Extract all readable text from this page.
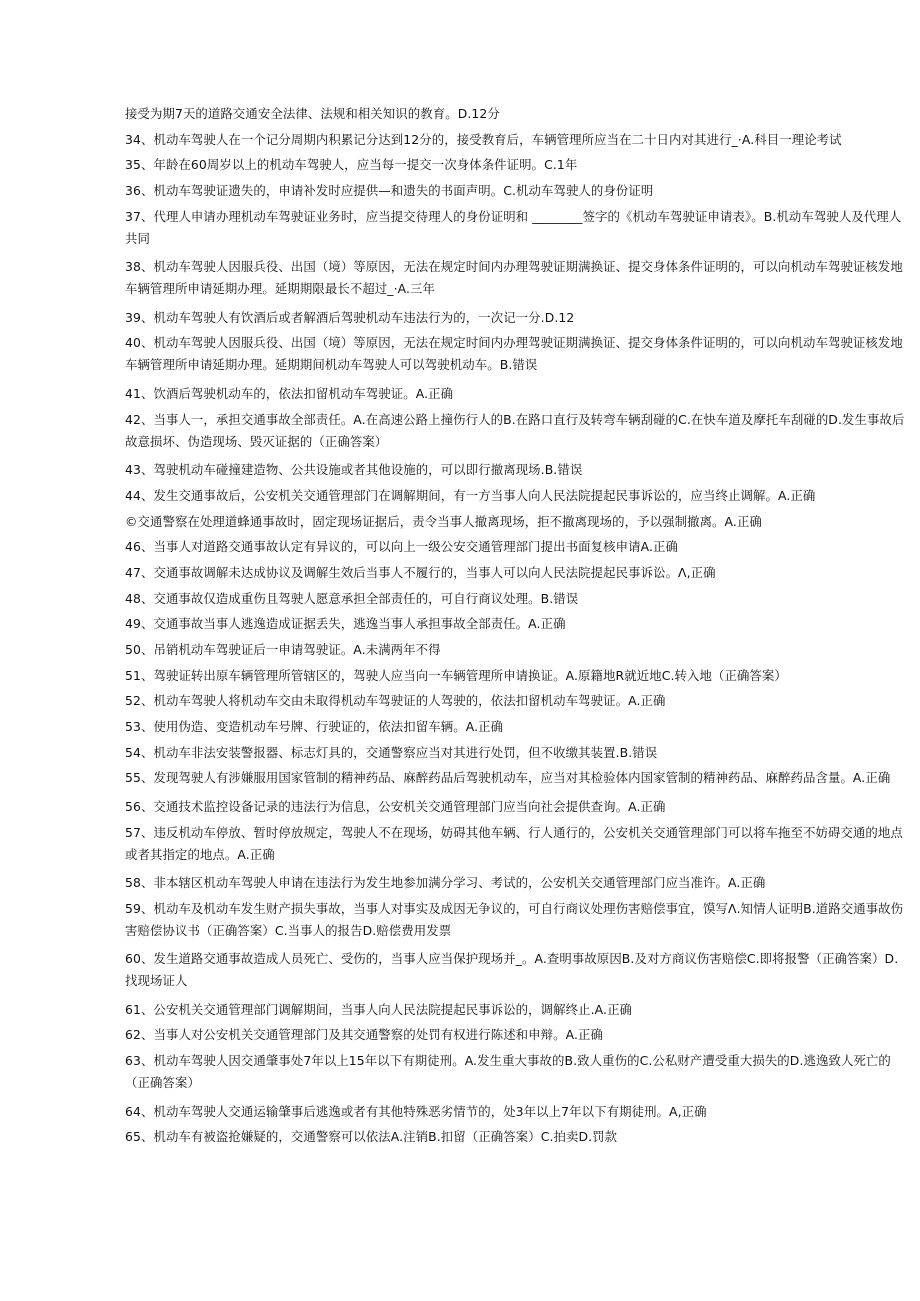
接受为期7天的道路交通安全法律、法规和相关知识的教育。D.12分
34、机动车驾驶人在一个记分周期内积累记分达到12分的，接受教育后，车辆管理所应当在二十日内对其进行_·A.科目一理论考试
35、年龄在60周岁以上的机动车驾驶人，应当每一提交一次身体条件证明。C.1年
36、机动车驾驶证遗失的，申请补发时应提供—和遗失的书面声明。C.机动车驾驶人的身份证明
37、代理人申请办理机动车驾驶证业务时，应当提交待理人的身份证明和 ________签字的《机动车驾驶证申请表》。B.机动车驾驶人及代理人共同
38、机动车驾驶人因服兵役、出国（境）等原因，无法在规定时间内办理驾驶证期满换证、提交身体条件证明的，可以向机动车驾驶证核发地车辆管理所申请延期办理。延期期限最长不超过_·A.三年
39、机动车驾驶人有饮酒后或者解酒后驾驶机动车违法行为的，一次记一分.D.12
40、机动车驾驶人因服兵役、出国（境）等原因，无法在规定时间内办理驾驶证期满换证、提交身体条件证明的，可以向机动车驾驶证核发地车辆管理所申请延期办理。延期期间机动车驾驶人可以驾驶机动车。B.错误
41、饮酒后驾驶机动车的，依法扣留机动车驾驶证。A.正确
42、当事人一，承担交通事故全部责任。A.在高速公路上撞伤行人的B.在路口直行及转弯车辆刮碰的C.在快车道及摩托车刮碰的D.发生事故后故意损坏、伪造现场、毁灭证据的（正确答案）
43、驾驶机动车碰撞建造物、公共设施或者其他设施的，可以即行撤离现场.B.错误
44、发生交通事故后，公安机关交通管理部门在调解期间，有一方当事人向人民法院提起民事诉讼的，应当终止调解。A.正确
©交通警察在处理道蜂通事故时，固定现场证据后，责令当事人撤离现场，拒不撤离现场的，予以强制撤离。A.正确
46、当事人对道路交通事故认定有异议的，可以向上一级公安交通管理部门提出书面复核申请A.正确
47、交通事故调解未达成协议及调解生效后当事人不履行的，当事人可以向人民法院提起民事诉讼。Λ,正确
48、交通事故仅造成重伤且驾驶人愿意承担全部责任的，可自行商议处理。B.错误
49、交通事故当事人逃逸造成证据丢失，逃逸当事人承担事故全部责任。A.正确
50、吊销机动车驾驶证后一申请驾驶证。A.未满两年不得
51、驾驶证转出原车辆管理所管辖区的，驾驶人应当向一车辆管理所申请换证。A.原籍地R就近地C.转入地（正确答案）
52、机动车驾驶人将机动车交由未取得机动车驾驶证的人驾驶的，依法扣留机动车驾驶证。A.正确
53、使用伪造、变造机动车号牌、行驶证的，依法扣留车辆。A.正确
54、机动车非法安装警报器、标志灯具的，交通警察应当对其进行处罚，但不收缴其装置.B.错误
55、发现驾驶人有涉嫌服用国家管制的精神药品、麻醉药品后驾驶机动车，应当对其检验体内国家管制的精神药品、麻醉药品含量。A.正确
56、交通技术监控设备记录的违法行为信息，公安机关交通管理部门应当向社会提供查询。A.正确
57、违反机动车停放、暂时停放规定，驾驶人不在现场，妨碍其他车辆、行人通行的，公安机关交通管理部门可以将车拖至不妨碍交通的地点或者其指定的地点。A.正确
58、非本辖区机动车驾驶人申请在违法行为发生地参加满分学习、考试的，公安机关交通管理部门应当准许。A.正确
59、机动车及机动车发生财产损失事故，当事人对事实及成因无争议的，可自行商议处理伤害赔偿事宜，馍写Λ.知情人证明B.道路交通事故伤害赔偿协议书（正确答案）C.当事人的报告D.赔偿费用发票
60、发生道路交通事故造成人员死亡、受伤的，当事人应当保护现场并_。A.查明事故原因B.及对方商议伤害赔偿C.即将报警（正确答案）D.找现场证人
61、公安机关交通管理部门调解期间，当事人向人民法院提起民事诉讼的，调解终止.A.正确
62、当事人对公安机关交通管理部门及其交通警察的处罚有权进行陈述和申辩。A.正确
63、机动车驾驶人因交通肇事处7年以上15年以下有期徒刑。A.发生重大事故的B.致人重伤的C.公私财产遭受重大损失的D.逃逸致人死亡的（正确答案）
64、机动车驾驶人交通运输肇事后逃逸或者有其他特殊恶劣情节的，处3年以上7年以下有期徒刑。A,正确
65、机动车有被盗抢嫌疑的，交通警察可以依法A.注销B.扣留（正确答案）C.拍卖D.罚款
